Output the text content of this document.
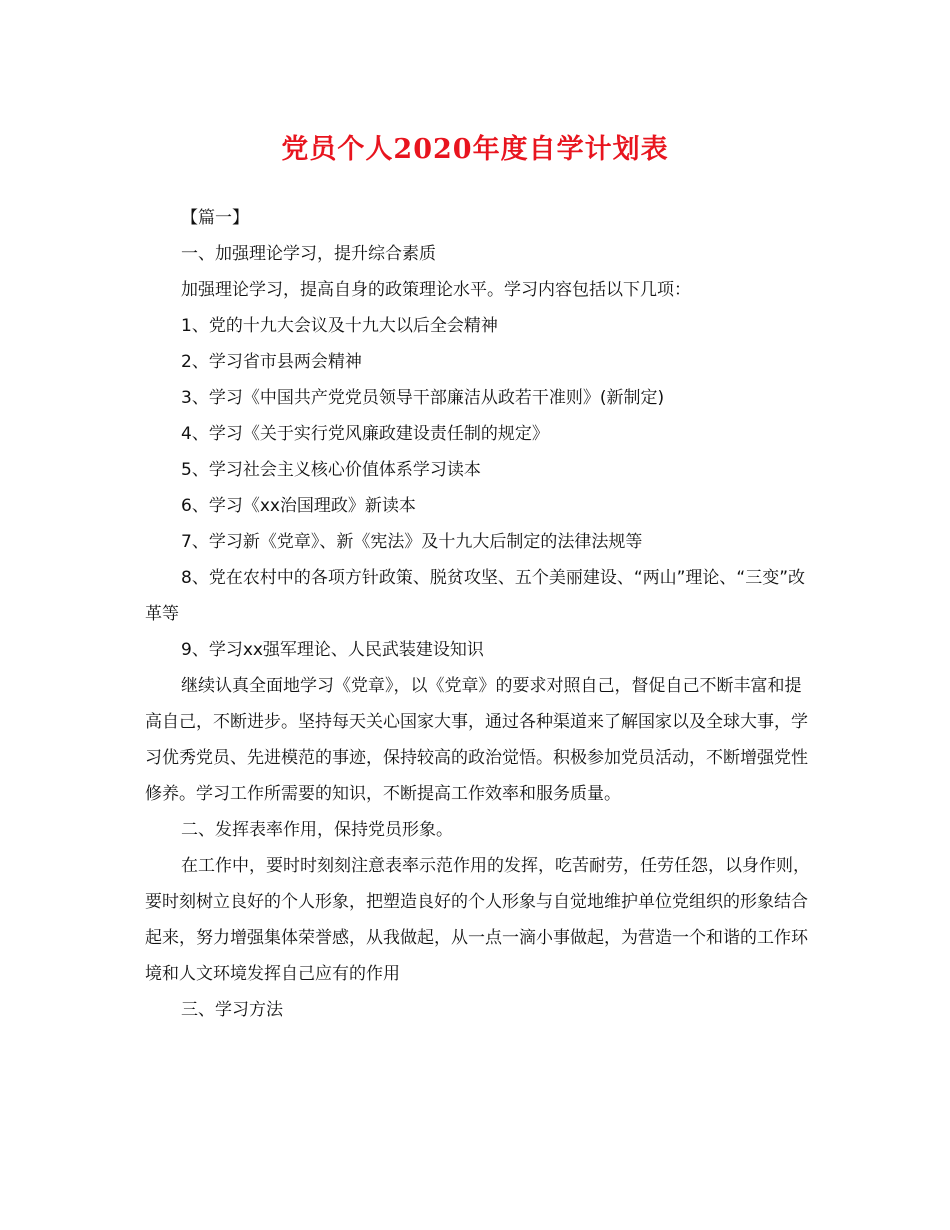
党员个人2020年度自学计划表

【篇一】

一、加强理论学习，提升综合素质

加强理论学习，提高自身的政策理论水平。学习内容包括以下几项：

1、党的十九大会议及十九大以后全会精神

2、学习省市县两会精神

3、学习《中国共产党党员领导干部廉洁从政若干准则》(新制定)

4、学习《关于实行党风廉政建设责任制的规定》

5、学习社会主义核心价值体系学习读本

6、学习《xx治国理政》新读本

7、学习新《党章》、新《宪法》及十九大后制定的法律法规等

8、党在农村中的各项方针政策、脱贫攻坚、五个美丽建设、“两山”理论、“三变”改革等

9、学习xx强军理论、人民武装建设知识

继续认真全面地学习《党章》，以《党章》的要求对照自己，督促自己不断丰富和提高自己，不断进步。坚持每天关心国家大事，通过各种渠道来了解国家以及全球大事，学习优秀党员、先进模范的事迹，保持较高的政治觉悟。积极参加党员活动，不断增强党性修养。学习工作所需要的知识，不断提高工作效率和服务质量。

二、发挥表率作用，保持党员形象。

在工作中，要时时刻刻注意表率示范作用的发挥，吃苦耐劳，任劳任怨，以身作则，要时刻树立良好的个人形象，把塑造良好的个人形象与自觉地维护单位党组织的形象结合起来，努力增强集体荣誉感，从我做起，从一点一滴小事做起，为营造一个和谐的工作环境和人文环境发挥自己应有的作用

三、学习方法
